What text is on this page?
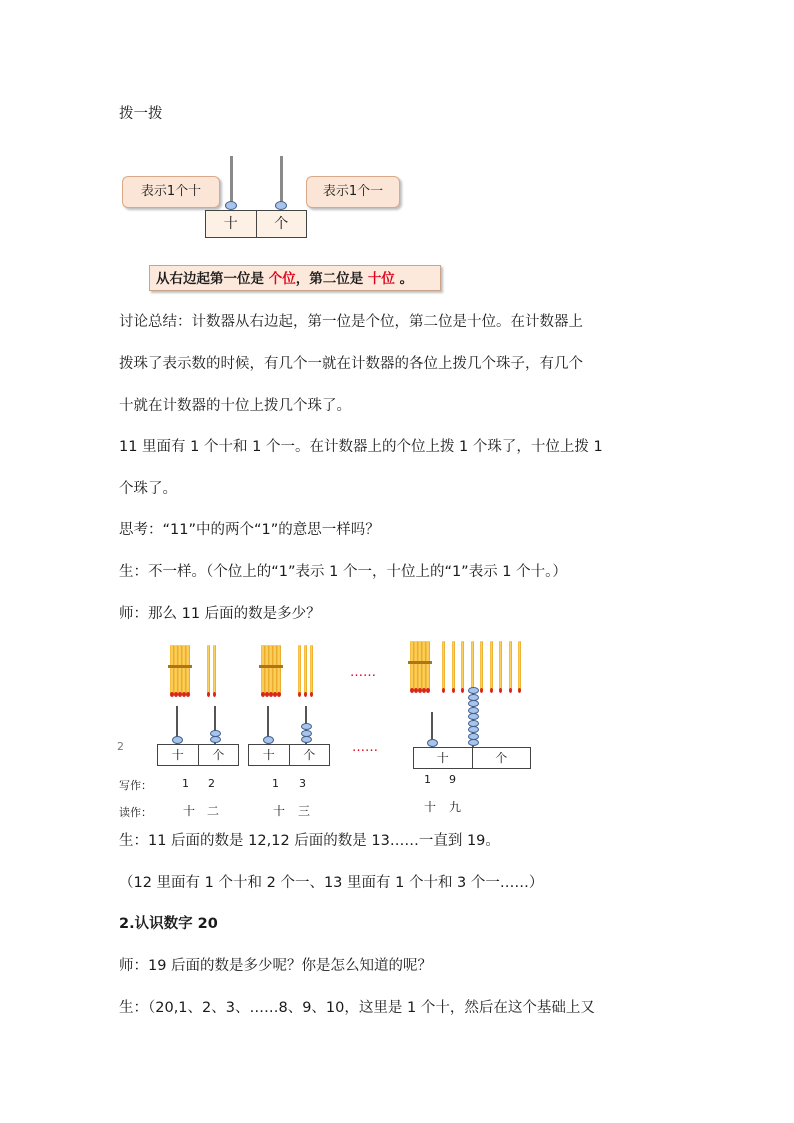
拨一拨
表示1个十	表示1个一
十	个
从右边起第一位是 个位，第二位是 十位 。
讨论总结：计数器从右边起，第一位是个位，第二位是十位。在计数器上
拨珠了表示数的时候，有几个一就在计数器的各位上拨几个珠子，有几个
十就在计数器的十位上拨几个珠了。
11 里面有 1 个十和 1 个一。在计数器上的个位上拨 1 个珠了，十位上拨 1
个珠了。
思考：“11”中的两个“1”的意思一样吗？
生：不一样。（个位上的“1”表示 1 个一，十位上的“1”表示 1 个十。）
师：那么 11 后面的数是多少？
2
……
……
写作：
读作：
十	个
1 2
十 二
十	个
1 3
十 三
十	个
1 9
十 九
生：11 后面的数是 12,12 后面的数是 13……一直到 19。
（12 里面有 1 个十和 2 个一、13 里面有 1 个十和 3 个一……）
2.认识数字 20
师：19 后面的数是多少呢？你是怎么知道的呢？
生：（20,1、2、3、……8、9、10，这里是 1 个十，然后在这个基础上又
